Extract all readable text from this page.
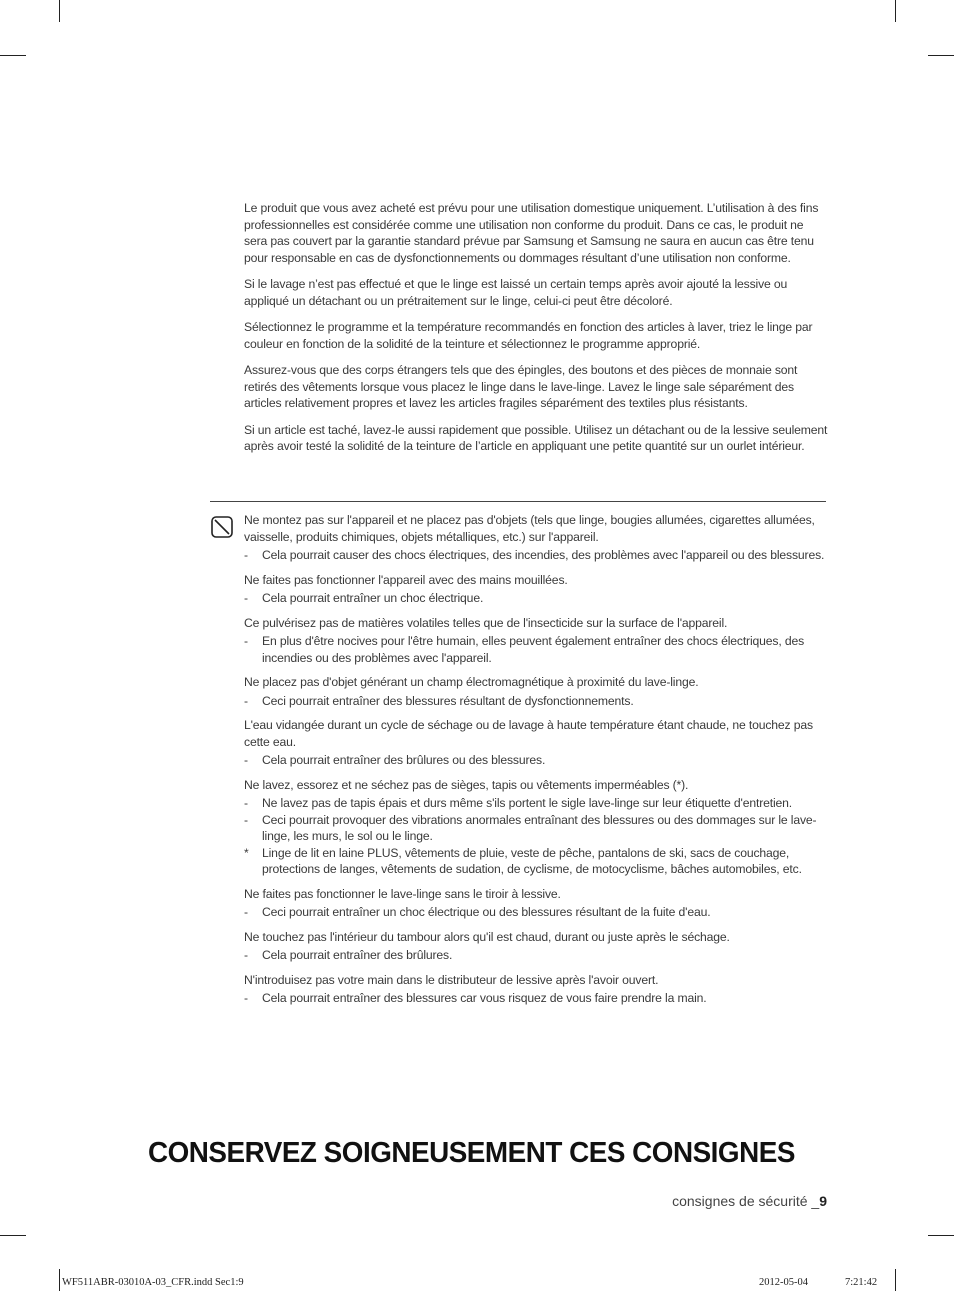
Le produit que vous avez acheté est prévu pour une utilisation domestique uniquement. L’utilisation à des fins professionnelles est considérée comme une utilisation non conforme du produit. Dans ce cas, le produit ne sera pas couvert par la garantie standard prévue par Samsung et Samsung ne saura en aucun cas être tenu pour responsable en cas de dysfonctionnements ou dommages résultant d’une utilisation non conforme.

Si le lavage n’est pas effectué et que le linge est laissé un certain temps après avoir ajouté la lessive ou appliqué un détachant ou un prétraitement sur le linge, celui-ci peut être décoloré.

Sélectionnez le programme et la température recommandés en fonction des articles à laver, triez le linge par couleur en fonction de la solidité de la teinture et sélectionnez le programme approprié.

Assurez-vous que des corps étrangers tels que des épingles, des boutons et des pièces de monnaie sont retirés des vêtements lorsque vous placez le linge dans le lave-linge. Lavez le linge sale séparément des articles relativement propres et lavez les articles fragiles séparément des textiles plus résistants.

Si un article est taché, lavez-le aussi rapidement que possible. Utilisez un détachant ou de la lessive seulement après avoir testé la solidité de la teinture de l’article en appliquant une petite quantité sur un ourlet intérieur.

Ne montez pas sur l'appareil et ne placez pas d'objets (tels que linge, bougies allumées, cigarettes allumées, vaisselle, produits chimiques, objets métalliques, etc.) sur l'appareil.
-	Cela pourrait causer des chocs électriques, des incendies, des problèmes avec l'appareil ou des blessures.
Ne faites pas fonctionner l'appareil avec des mains mouillées.
-	Cela pourrait entraîner un choc électrique.
Ce pulvérisez pas de matières volatiles telles que de l'insecticide sur la surface de l'appareil.
-	En plus d'être nocives pour l'être humain, elles peuvent également entraîner des chocs électriques, des incendies ou des problèmes avec l'appareil.
Ne placez pas d'objet générant un champ électromagnétique à proximité du lave-linge.
-	Ceci pourrait entraîner des blessures résultant de dysfonctionnements.
L'eau vidangée durant un cycle de séchage ou de lavage à haute température étant chaude, ne touchez pas cette eau.
-	Cela pourrait entraîner des brûlures ou des blessures.
Ne lavez, essorez et ne séchez pas de sièges, tapis ou vêtements imperméables (*).
-	Ne lavez pas de tapis épais et durs même s'ils portent le sigle lave-linge sur leur étiquette d'entretien.
-	Ceci pourrait provoquer des vibrations anormales entraînant des blessures ou des dommages sur le lave-linge, les murs, le sol ou le linge.
*	Linge de lit en laine PLUS, vêtements de pluie, veste de pêche, pantalons de ski, sacs de couchage, protections de langes, vêtements de sudation, de cyclisme, de motocyclisme, bâches automobiles, etc.
Ne faites pas fonctionner le lave-linge sans le tiroir à lessive.
-	Ceci pourrait entraîner un choc électrique ou des blessures résultant de la fuite d'eau.
Ne touchez pas l'intérieur du tambour alors qu'il est chaud, durant ou juste après le séchage.
-	Cela pourrait entraîner des brûlures.
N'introduisez pas votre main dans le distributeur de lessive après l'avoir ouvert.
-	Cela pourrait entraîner des blessures car vous risquez de vous faire prendre la main.
CONSERVEZ SOIGNEUSEMENT CES CONSIGNES
consignes de sécurité _9
WF511ABR-03010A-03_CFR.indd Sec1:9	2012-05-04	7:21:42
